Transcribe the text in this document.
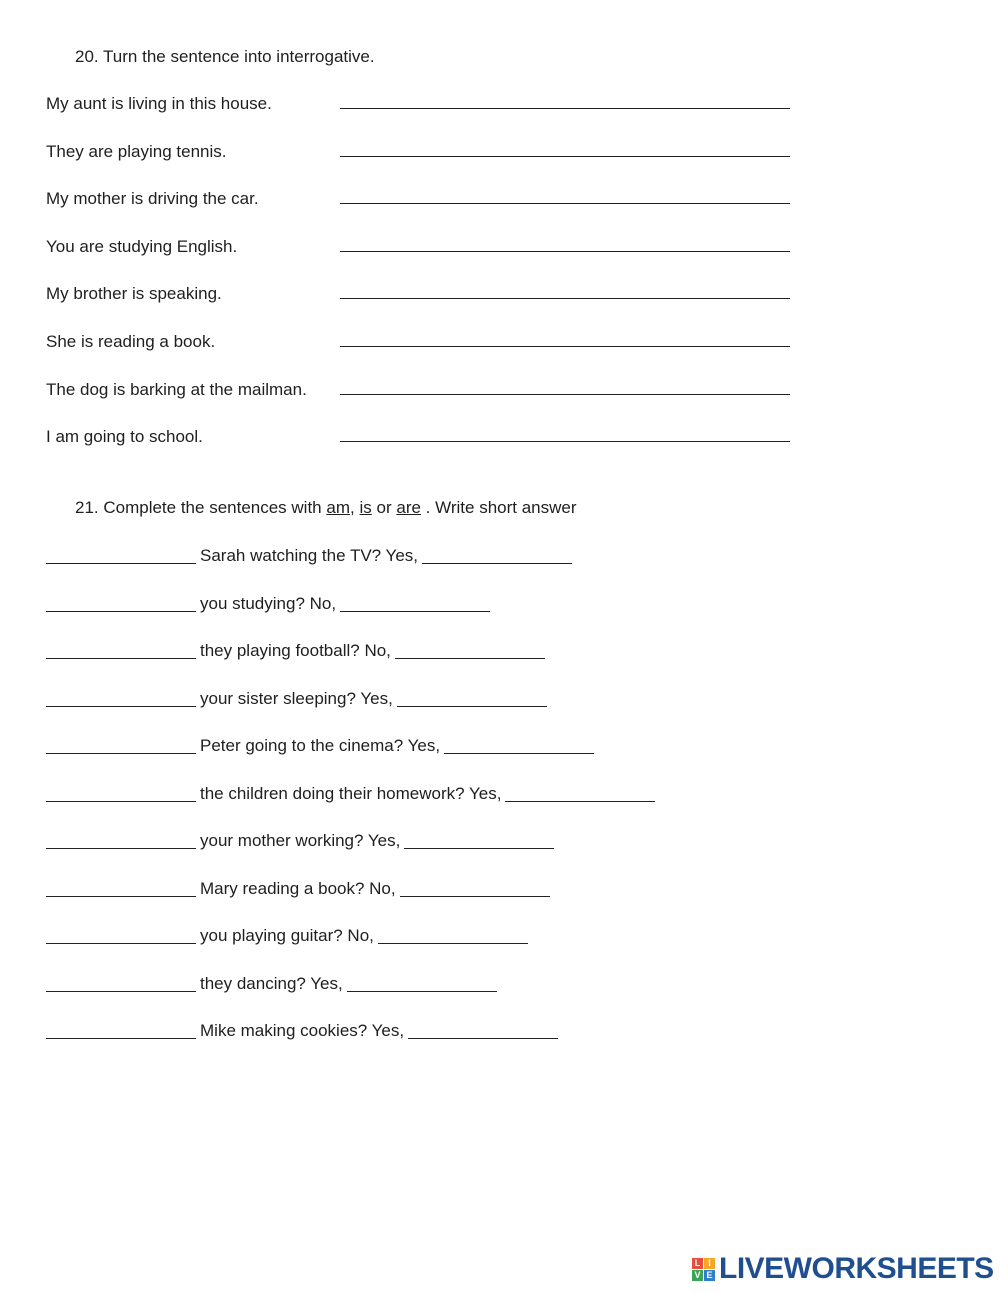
20. Turn the sentence into interrogative.
My aunt is living in this house.
They are playing tennis.
My mother is driving the car.
You are studying English.
My brother is speaking.
She is reading a book.
The dog is barking at the mailman.
I am going to school.
21. Complete the sentences with am, is or are . Write short answer
Sarah watching the TV? Yes,
you studying? No,
they playing football? No,
your sister sleeping? Yes,
Peter going to the cinema? Yes,
the children doing their homework? Yes,
your mother working? Yes,
Mary reading a book? No,
you playing guitar? No,
they dancing? Yes,
Mike making cookies? Yes,
L I
V E LIVEWORKSHEETS
